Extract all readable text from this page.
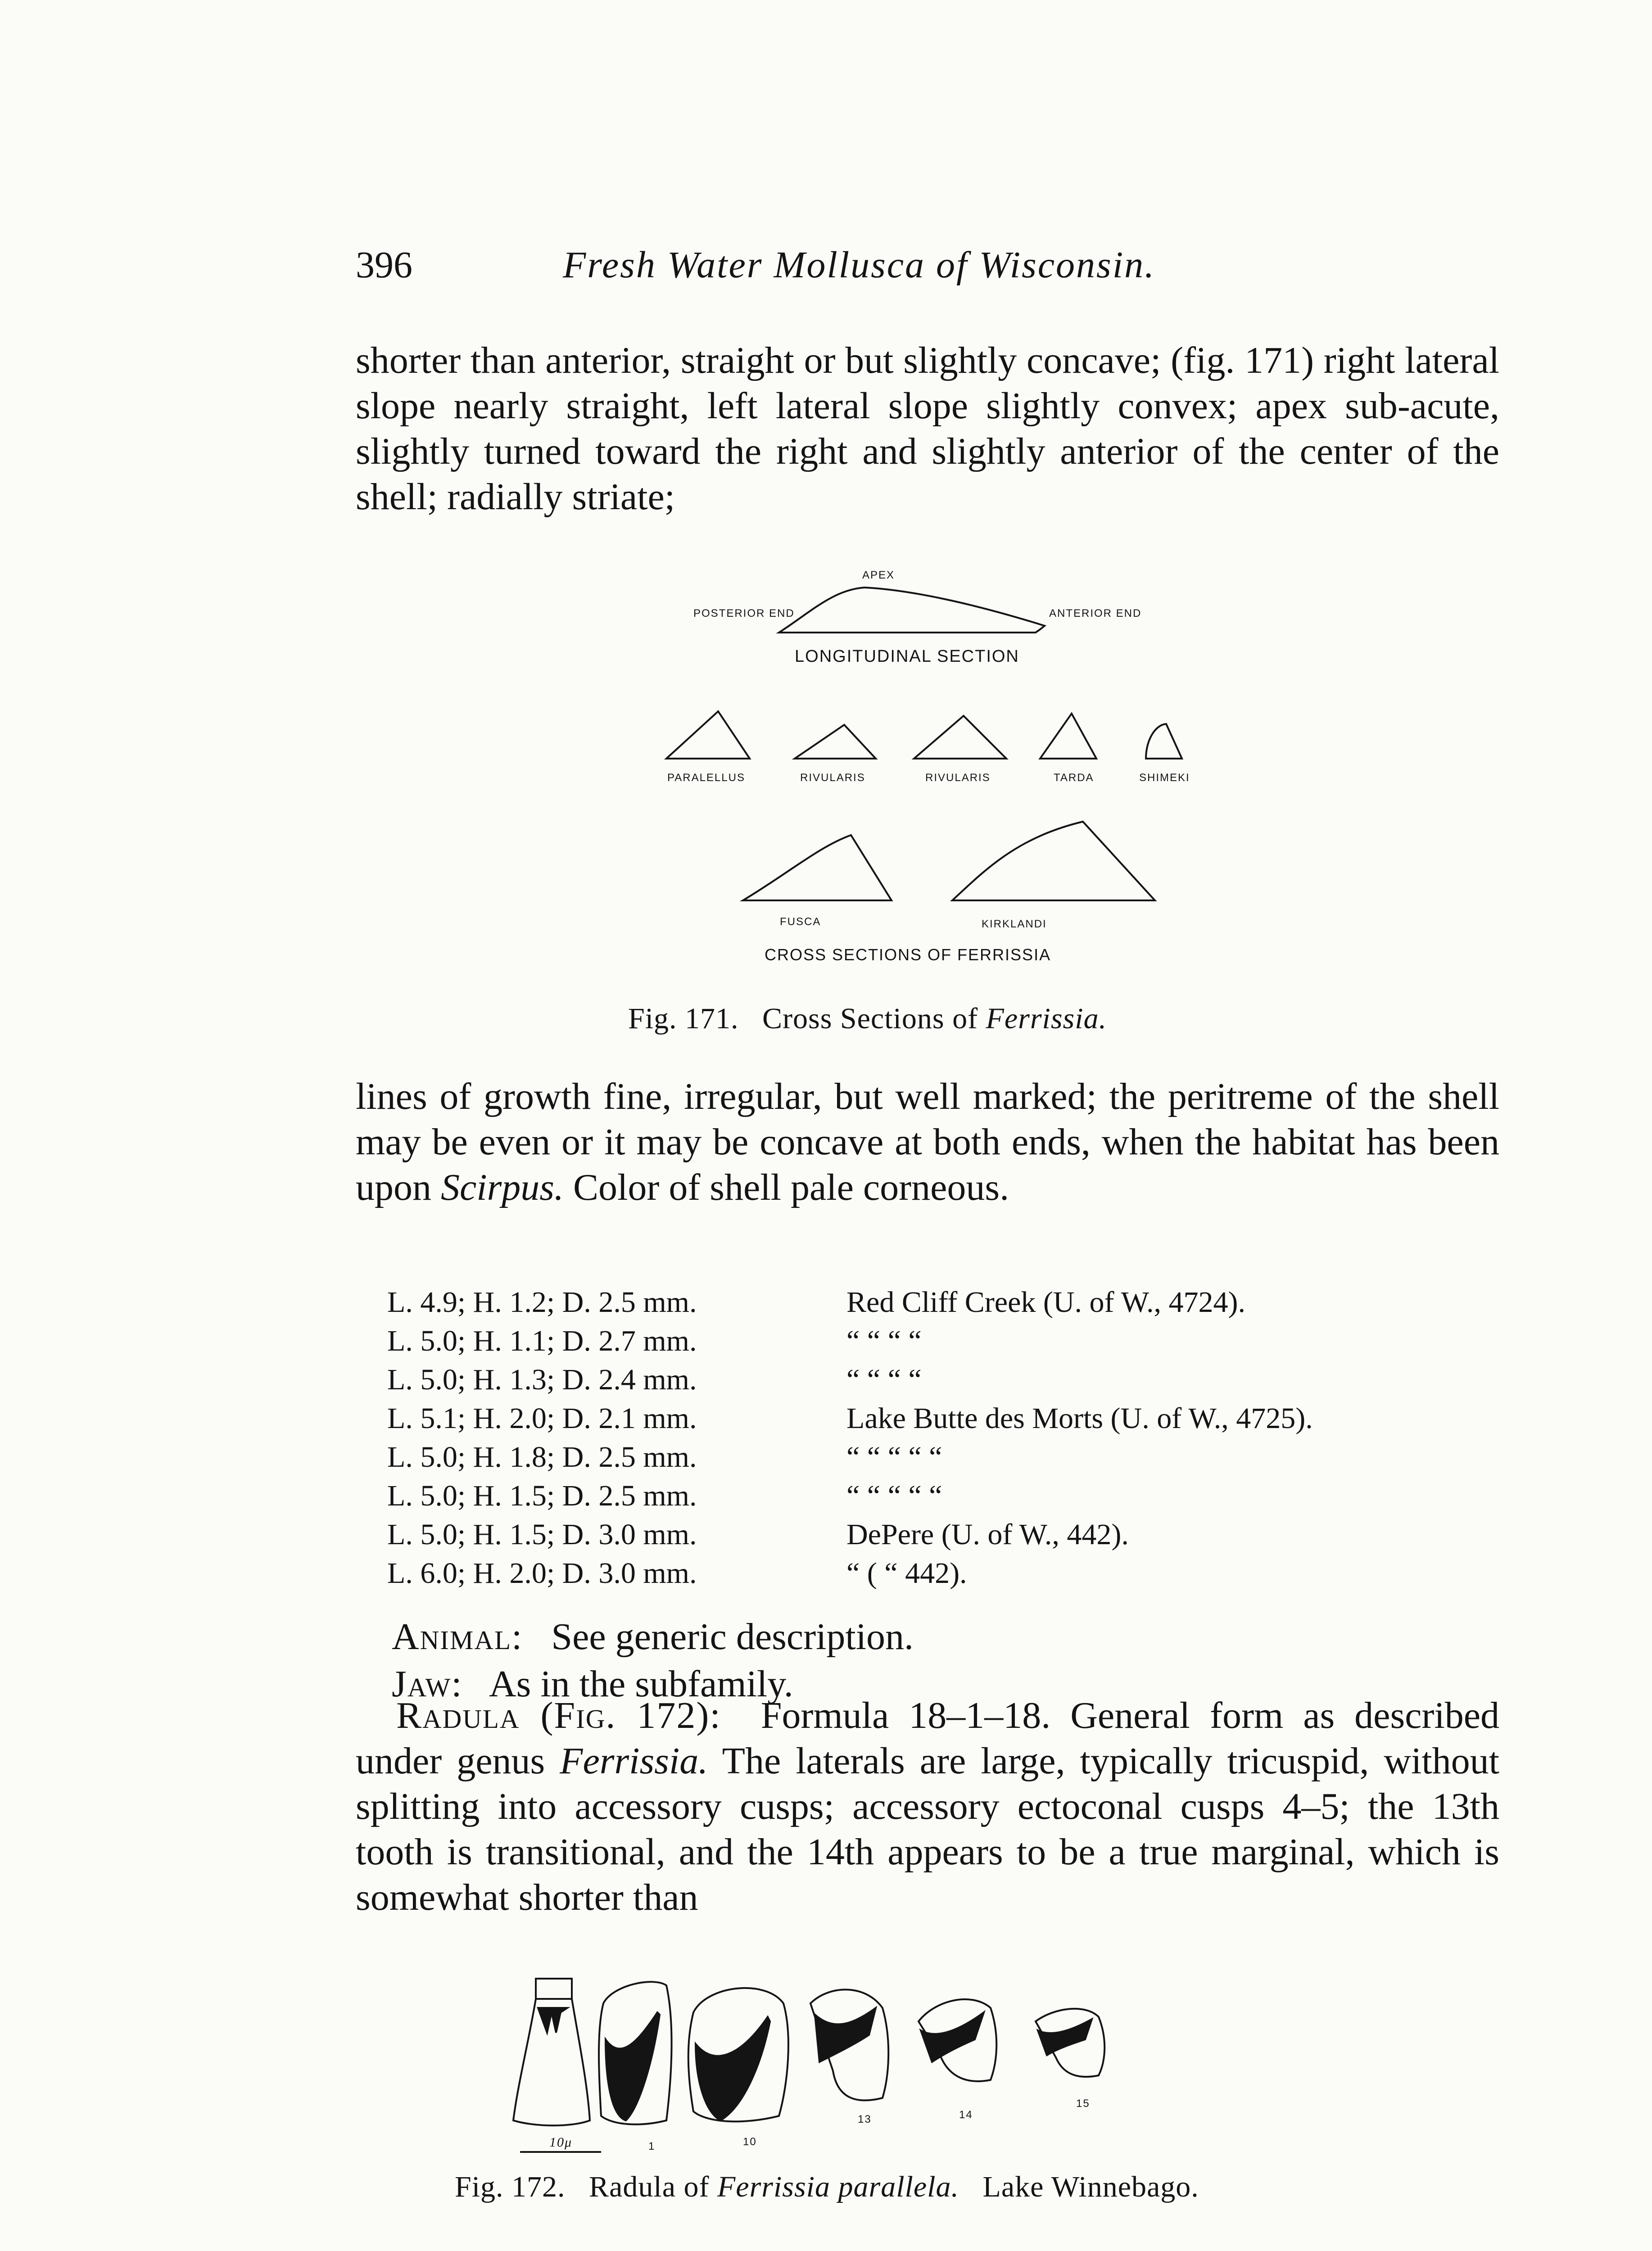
396	Fresh Water Mollusca of Wisconsin.

shorter than anterior, straight or but slightly concave; (fig. 171) right lateral slope nearly straight, left lateral slope slightly convex; apex sub-acute, slightly turned toward the right and slightly anterior of the center of the shell; radially striate;

APEX
POSTERIOR END	ANTERIOR END
LONGITUDINAL SECTION
PARALELLUS	RIVULARIS	RIVULARIS	TARDA	SHIMEKI
FUSCA	KIRKLANDI
CROSS SECTIONS OF FERRISSIA

Fig. 171. Cross Sections of Ferrissia.

lines of growth fine, irregular, but well marked; the peritreme of the shell may be even or it may be concave at both ends, when the habitat has been upon Scirpus. Color of shell pale corneous.

L. 4.9; H. 1.2; D. 2.5 mm.	Red Cliff Creek (U. of W., 4724).
L. 5.0; H. 1.1; D. 2.7 mm.	“ “ “ “
L. 5.0; H. 1.3; D. 2.4 mm.	“ “ “ “
L. 5.1; H. 2.0; D. 2.1 mm.	Lake Butte des Morts (U. of W., 4725).
L. 5.0; H. 1.8; D. 2.5 mm.	“ “ “ “ “
L. 5.0; H. 1.5; D. 2.5 mm.	“ “ “ “ “
L. 5.0; H. 1.5; D. 3.0 mm.	DePere (U. of W., 442).
L. 6.0; H. 2.0; D. 3.0 mm.	“ ( “ 442).

Animal: See generic description.

Jaw: As in the subfamily.

Radula (Fig. 172): Formula 18–1–18. General form as described under genus Ferrissia. The laterals are large, typically tricuspid, without splitting into accessory cusps; accessory ectoconal cusps 4–5; the 13th tooth is transitional, and the 14th appears to be a true marginal, which is somewhat shorter than

10μ	1	10
13	14
15

Fig. 172. Radula of Ferrissia parallela. Lake Winnebago.
